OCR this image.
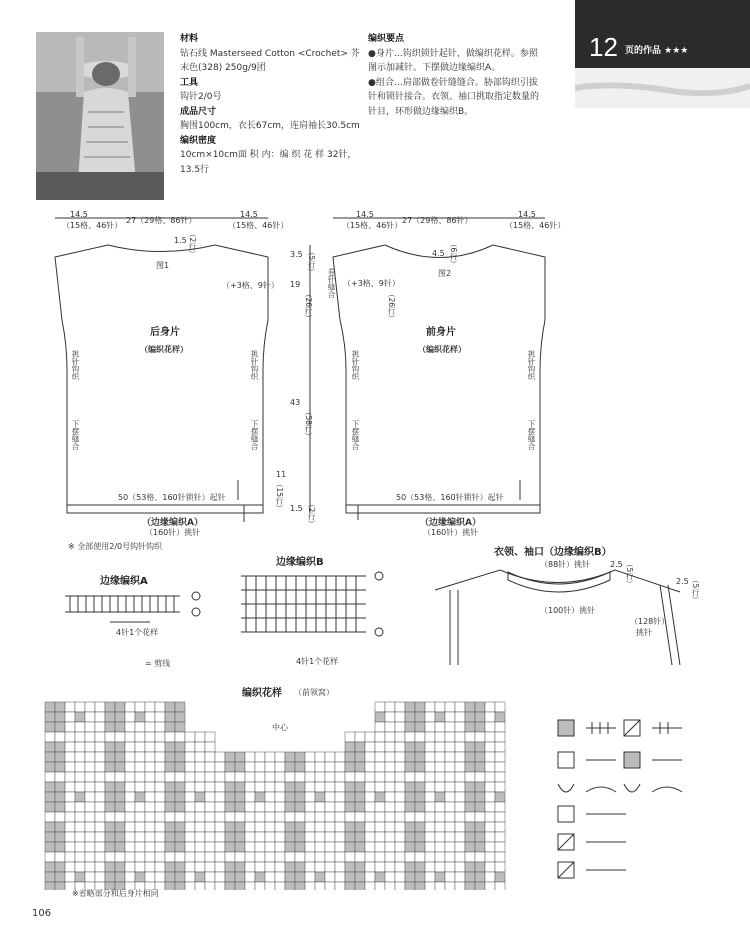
材料
钻石线 Masterseed Cotton <Crochet> 芥
末色(328) 250g/9团
工具
钩针2/0号
成品尺寸
胸围100cm，衣长67cm，连肩袖长30.5cm
编织密度
10cm×10cm面 积 内：编 织 花 样 32针，
13.5行
编织要点
●身片…钩织锁针起针，做编织花样。参照
图示加减针。下摆做边缘编织A。
●组合…肩部做卷针缝缝合。胁部钩织引拔
针和锁针接合。衣领、袖口挑取指定数量的
针目，环形做边缘编织B。
12 页的作品 ★★★
14.5
（15格、46针）
27（29格、86针）
14.5
（15格、46针）
1.5 （2行）
图1
（+3格、9针）
后身片
（编织花样）
挑针钩织	挑针钩织
下摆缝合	下摆缝合
50（53格、160针锁针）起针
（边缘编织A）
（160针）挑针
3.5 （5行）
19
（26行）
43
（58行）
11
（15行） 1.5 （2行）
卷针缝合
14.5
（15格、46针）
27（29格、86针）
14.5
（15格、46针）
4.5 （6行）
图2
（+3格、9针）
（26行）
前身片
（编织花样）
挑针钩织	挑针钩织
下摆缝合	下摆缝合
50（53格、160针锁针）起针
（边缘编织A）
（160针）挑针
※ 全部使用2/0号钩针钩织
边缘编织A
4针1个花样
= 剪线
边缘编织B
4针1个花样
衣领、袖口（边缘编织B）
（88针）挑针
（100针）挑针
2.5 （5行）	2.5 （5行）
（128针）
挑针
编织花样 （前领窝）
中心
※省略部分和后身片相同
106
